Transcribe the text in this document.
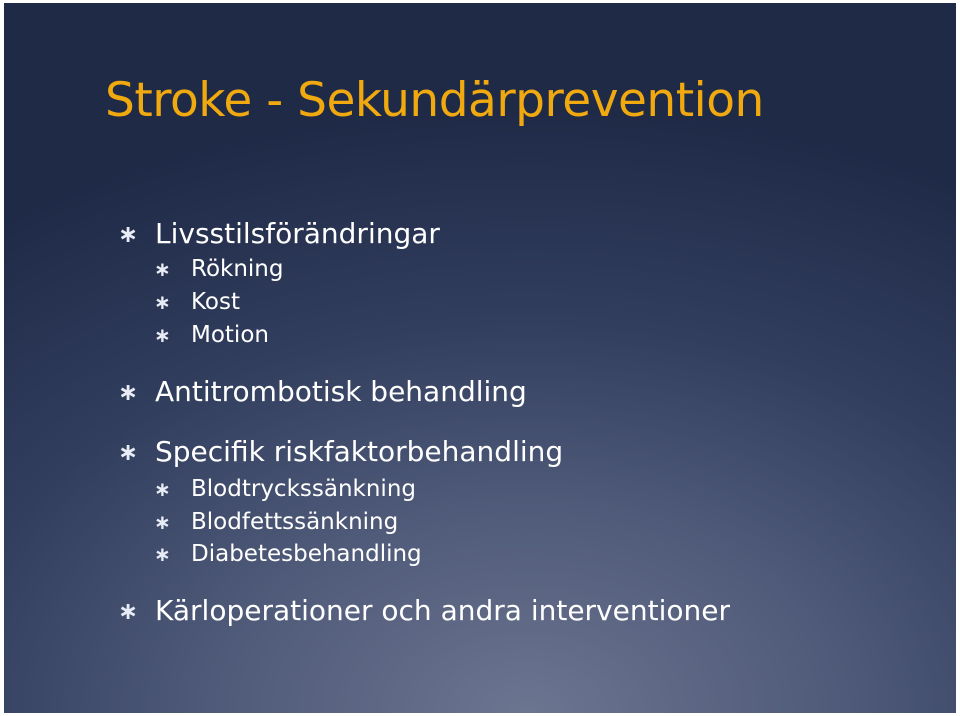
Stroke - Sekundärprevention
∗ Livsstilsförändringar
∗ Rökning
∗ Kost
∗ Motion
∗ Antitrombotisk behandling
∗ Specifik riskfaktorbehandling
∗ Blodtryckssänkning
∗ Blodfettssänkning
∗ Diabetesbehandling
∗ Kärloperationer och andra interventioner
